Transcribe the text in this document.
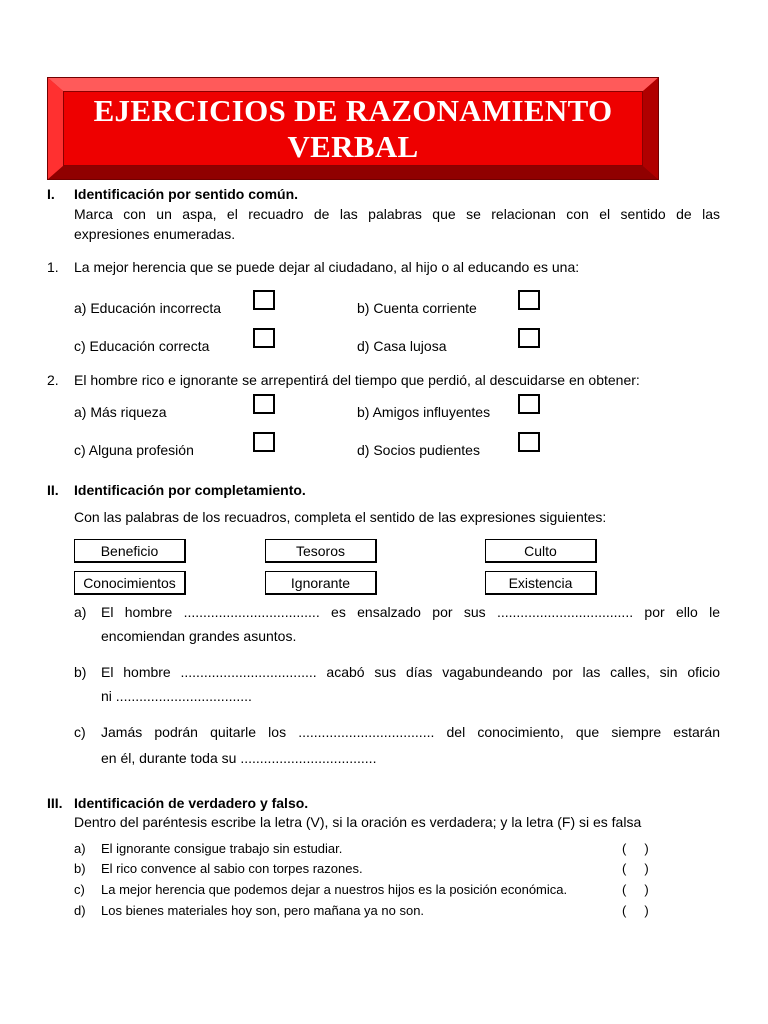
EJERCICIOS DE RAZONAMIENTO
VERBAL
I. Identificación por sentido común.
Marca con un aspa, el recuadro de las palabras que se relacionan con el sentido de las
expresiones enumeradas.
1. La mejor herencia que se puede dejar al ciudadano, al hijo o al educando es una:
a) Educación incorrecta	b) Cuenta corriente
c) Educación correcta	d) Casa lujosa
2. El hombre rico e ignorante se arrepentirá del tiempo que perdió, al descuidarse en obtener:
a) Más riqueza	b) Amigos influyentes
c) Alguna profesión	d) Socios pudientes
II. Identificación por completamiento.
Con las palabras de los recuadros, completa el sentido de las expresiones siguientes:
Beneficio	Tesoros	Culto
Conocimientos	Ignorante	Existencia
a) El hombre ................................... es ensalzado por sus ................................... por ello le
encomiendan grandes asuntos.
b) El hombre ................................... acabó sus días vagabundeando por las calles, sin oficio
ni ...................................
c) Jamás podrán quitarle los ................................... del conocimiento, que siempre estarán
en él, durante toda su ...................................
III. Identificación de verdadero y falso.
Dentro del paréntesis escribe la letra (V), si la oración es verdadera; y la letra (F) si es falsa
a) El ignorante consigue trabajo sin estudiar.	(     )
b) El rico convence al sabio con torpes razones.	(     )
c) La mejor herencia que podemos dejar a nuestros hijos es la posición económica.	(     )
d) Los bienes materiales hoy son, pero mañana ya no son.	(     )
